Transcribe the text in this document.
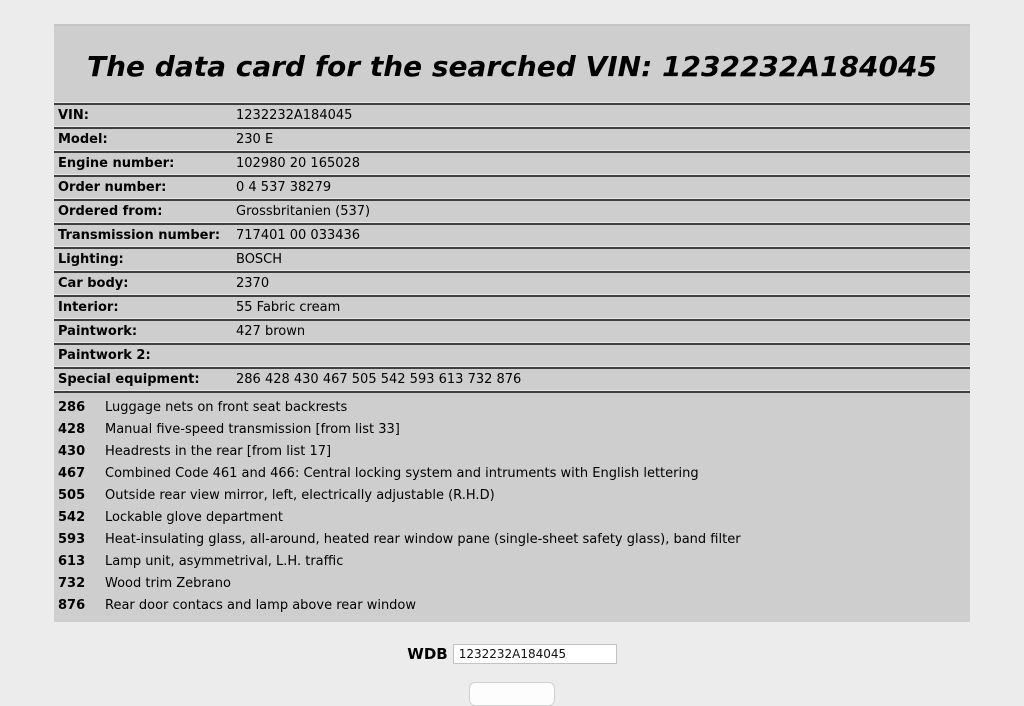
The data card for the searched VIN: 1232232A184045
VIN:	1232232A184045
Model:	230 E
Engine number:	102980 20 165028
Order number:	0 4 537 38279
Ordered from:	Grossbritanien (537)
Transmission number:	717401 00 033436
Lighting:	BOSCH
Car body:	2370
Interior:	55 Fabric cream
Paintwork:	427 brown
Paintwork 2:
Special equipment:	286 428 430 467 505 542 593 613 732 876
286	Luggage nets on front seat backrests
428	Manual five-speed transmission [from list 33]
430	Headrests in the rear [from list 17]
467	Combined Code 461 and 466: Central locking system and intruments with English lettering
505	Outside rear view mirror, left, electrically adjustable (R.H.D)
542	Lockable glove department
593	Heat-insulating glass, all-around, heated rear window pane (single-sheet safety glass), band filter
613	Lamp unit, asymmetrival, L.H. traffic
732	Wood trim Zebrano
876	Rear door contacs and lamp above rear window
WDB
1232232A184045
